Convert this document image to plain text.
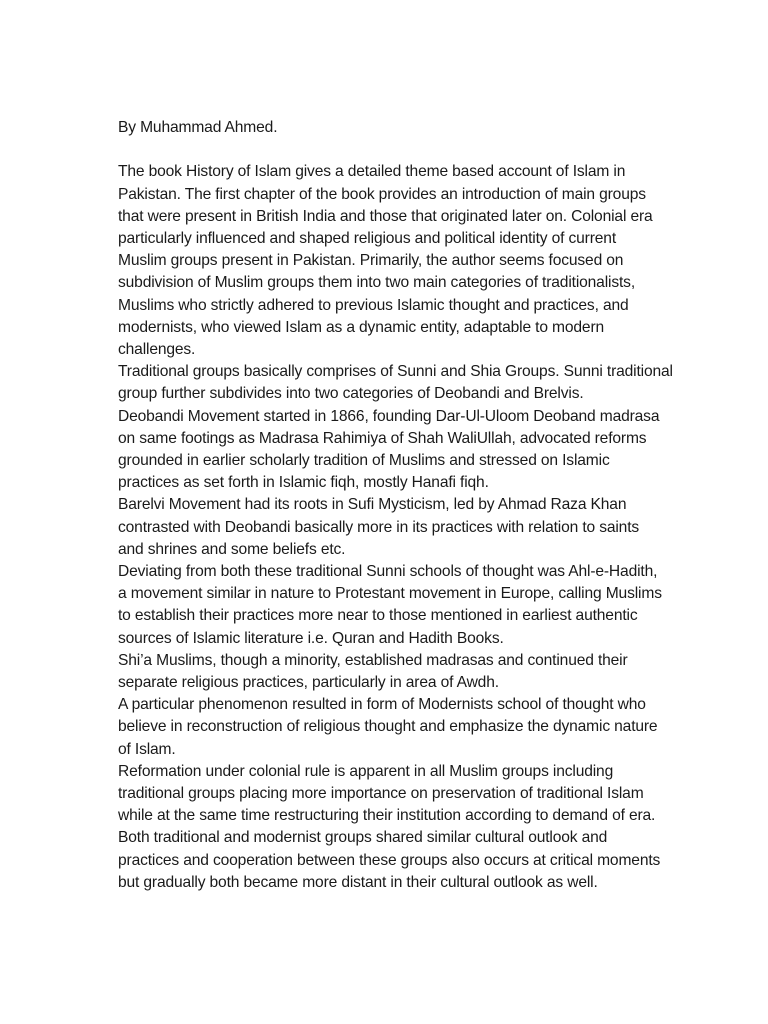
By Muhammad Ahmed.
The book History of Islam gives a detailed theme based account of Islam in
Pakistan. The first chapter of the book provides an introduction of main groups
that were present in British India and those that originated later on. Colonial era
particularly influenced and shaped religious and political identity of current
Muslim groups present in Pakistan. Primarily, the author seems focused on
subdivision of Muslim groups them into two main categories of traditionalists,
Muslims who strictly adhered to previous Islamic thought and practices, and
modernists, who viewed Islam as a dynamic entity, adaptable to modern
challenges.
Traditional groups basically comprises of Sunni and Shia Groups. Sunni traditional
group further subdivides into two categories of Deobandi and Brelvis.
Deobandi Movement started in 1866, founding Dar-Ul-Uloom Deoband madrasa
on same footings as Madrasa Rahimiya of Shah WaliUllah, advocated reforms
grounded in earlier scholarly tradition of Muslims and stressed on Islamic
practices as set forth in Islamic fiqh, mostly Hanafi fiqh.
Barelvi Movement had its roots in Sufi Mysticism, led by Ahmad Raza Khan
contrasted with Deobandi basically more in its practices with relation to saints
and shrines and some beliefs etc.
Deviating from both these traditional Sunni schools of thought was Ahl-e-Hadith,
a movement similar in nature to Protestant movement in Europe, calling Muslims
to establish their practices more near to those mentioned in earliest authentic
sources of Islamic literature i.e. Quran and Hadith Books.
Shi’a Muslims, though a minority, established madrasas and continued their
separate religious practices, particularly in area of Awdh.
A particular phenomenon resulted in form of Modernists school of thought who
believe in reconstruction of religious thought and emphasize the dynamic nature
of Islam.
Reformation under colonial rule is apparent in all Muslim groups including
traditional groups placing more importance on preservation of traditional Islam
while at the same time restructuring their institution according to demand of era.
Both traditional and modernist groups shared similar cultural outlook and
practices and cooperation between these groups also occurs at critical moments
but gradually both became more distant in their cultural outlook as well.
